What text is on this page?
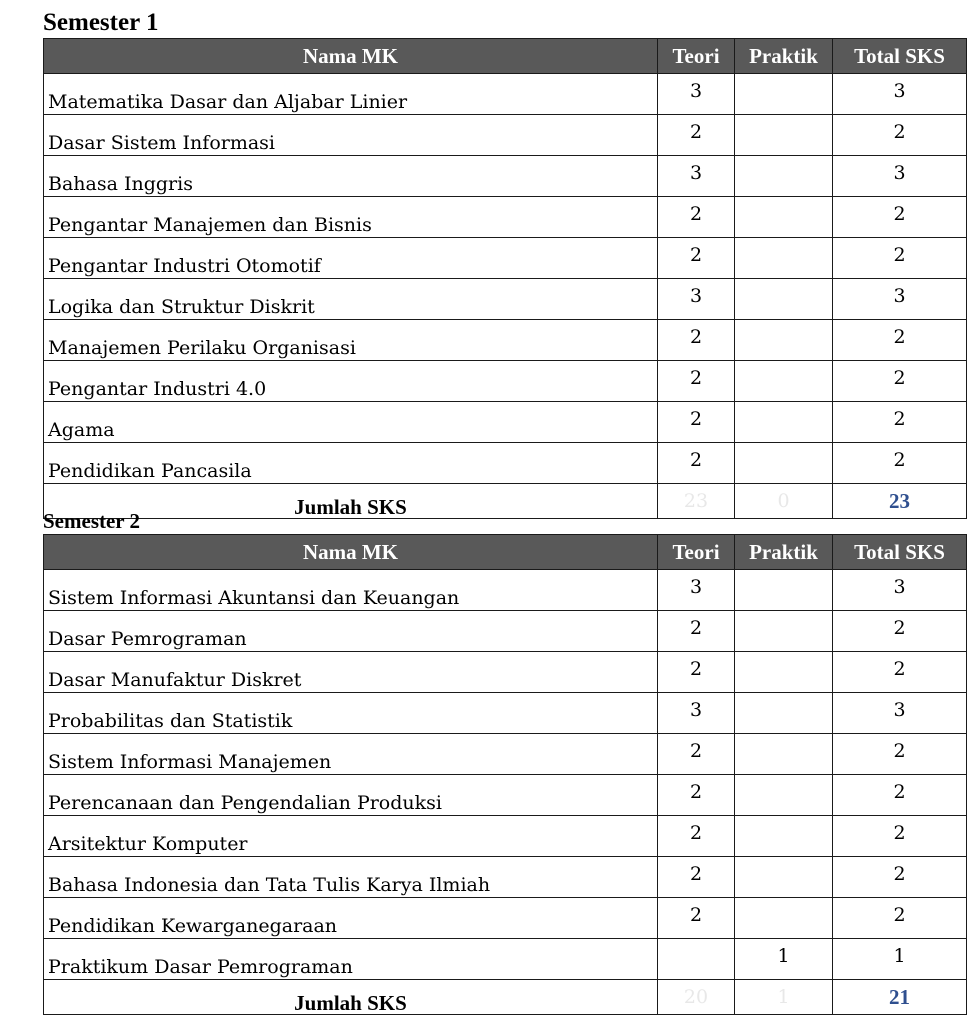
Semester 1
Nama MK	Teori	Praktik	Total SKS
Matematika Dasar dan Aljabar Linier	3		3
Dasar Sistem Informasi	2		2
Bahasa Inggris	3		3
Pengantar Manajemen dan Bisnis	2		2
Pengantar Industri Otomotif	2		2
Logika dan Struktur Diskrit	3		3
Manajemen Perilaku Organisasi	2		2
Pengantar Industri 4.0	2		2
Agama	2		2
Pendidikan Pancasila	2		2
Jumlah SKS	23	0	23
Semester 2
Nama MK	Teori	Praktik	Total SKS
Sistem Informasi Akuntansi dan Keuangan	3		3
Dasar Pemrograman	2		2
Dasar Manufaktur Diskret	2		2
Probabilitas dan Statistik	3		3
Sistem Informasi Manajemen	2		2
Perencanaan dan Pengendalian Produksi	2		2
Arsitektur Komputer	2		2
Bahasa Indonesia dan Tata Tulis Karya Ilmiah	2		2
Pendidikan Kewarganegaraan	2		2
Praktikum Dasar Pemrograman		1	1
Jumlah SKS	20	1	21
